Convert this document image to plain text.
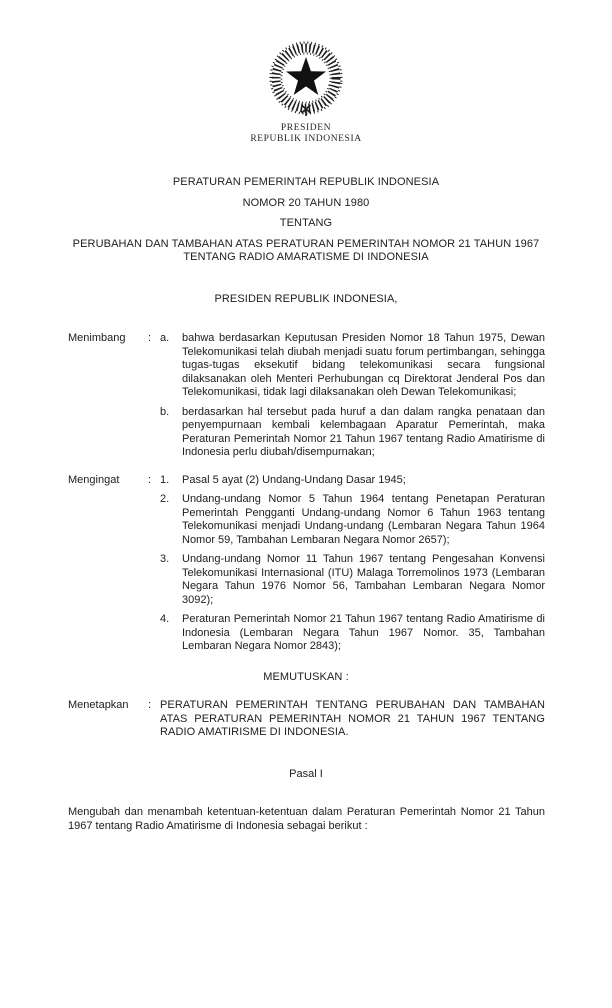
PRESIDEN
REPUBLIK INDONESIA
PERATURAN PEMERINTAH REPUBLIK INDONESIA
NOMOR 20 TAHUN 1980
TENTANG
PERUBAHAN DAN TAMBAHAN ATAS PERATURAN PEMERINTAH NOMOR 21 TAHUN 1967 TENTANG RADIO AMARATISME DI INDONESIA
PRESIDEN REPUBLIK INDONESIA,
Menimbang	: a.	bahwa berdasarkan Keputusan Presiden Nomor 18 Tahun 1975, Dewan Telekomunikasi telah diubah menjadi suatu forum pertimbangan, sehingga tugas-tugas eksekutif bidang telekomunikasi secara fungsional dilaksanakan oleh Menteri Perhubungan cq Direktorat Jenderal Pos dan Telekomunikasi, tidak lagi dilaksanakan oleh Dewan Telekomunikasi;
b.	berdasarkan hal tersebut pada huruf a dan dalam rangka penataan dan penyempurnaan kembali kelembagaan Aparatur Pemerintah, maka Peraturan Pemerintah Nomor 21 Tahun 1967 tentang Radio Amatirisme di Indonesia perlu diubah/disempurnakan;
Mengingat	: 1.	Pasal 5 ayat (2) Undang-Undang Dasar 1945;
2.	Undang-undang Nomor 5 Tahun 1964 tentang Penetapan Peraturan Pemerintah Pengganti Undang-undang Nomor 6 Tahun 1963 tentang Telekomunikasi menjadi Undang-undang (Lembaran Negara Tahun 1964 Nomor 59, Tambahan Lembaran Negara Nomor 2657);
3.	Undang-undang Nomor 11 Tahun 1967 tentang Pengesahan Konvensi Telekomunikasi Internasional (ITU) Malaga Torremolinos 1973 (Lembaran Negara Tahun 1976 Nomor 56, Tambahan Lembaran Negara Nomor 3092);
4.	Peraturan Pemerintah Nomor 21 Tahun 1967 tentang Radio Amatirisme di Indonesia (Lembaran Negara Tahun 1967 Nomor. 35, Tambahan Lembaran Negara Nomor 2843);
MEMUTUSKAN :
Menetapkan	: PERATURAN PEMERINTAH TENTANG PERUBAHAN DAN TAMBAHAN ATAS PERATURAN PEMERINTAH NOMOR 21 TAHUN 1967 TENTANG RADIO AMATIRISME DI INDONESIA.
Pasal I
Mengubah dan menambah ketentuan-ketentuan dalam Peraturan Pemerintah Nomor 21 Tahun 1967 tentang Radio Amatirisme di Indonesia sebagai berikut :
